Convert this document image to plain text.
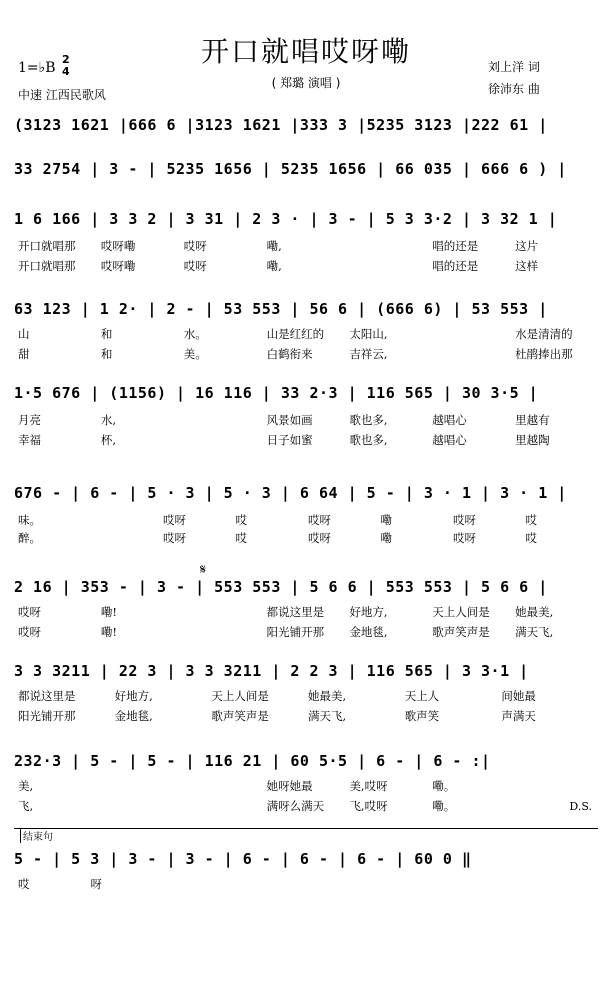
开口就唱哎呀嘞
( 郑璐 演唱 )
1=♭B
2
4
中速 江西民歌风
刘上洋 词
徐沛东 曲
(3123 1621 |666 6 |3123 1621 |333 3 |5235 3123 |222 61 |
33 2754 | 3 - | 5235 1656 | 5235 1656 | 66 035 | 666 6 ) |
1 6 166 | 3 3 2 | 3 31 | 2 3 · | 3 - | 5 3 3·2 | 3 32 1 |
开口就唱那	哎呀嘞	哎呀	嘞,	唱的还是	这片
开口就唱那	哎呀嘞	哎呀	嘞,	唱的还是	这样
63 123 | 1 2· | 2 - | 53 553 | 56 6 | (666 6) | 53 553 |
山	和	水。	山是红红的	太阳山,	水是清清的
甜	和	美。	白鹤衔来	吉祥云,	杜鹃捧出那
1·5 676 | (1156) | 16 116 | 33 2·3 | 116 565 | 30 3·5 |
月亮	水,	风景如画	歌也多,	越唱心	里越有
幸福	杯,	日子如蜜	歌也多,	越唱心	里越陶
676 - | 6 - | 5 · 3 | 5 · 3 | 6 64 | 5 - | 3 · 1 | 3 · 1 |
味。	哎呀	哎	哎呀	嘞	哎呀	哎
醉。	哎呀	哎	哎呀	嘞	哎呀	哎
𝄋
2 16 | 353 - | 3 - | 553 553 | 5 6 6 | 553 553 | 5 6 6 |
哎呀	嘞!	都说这里是	好地方,	天上人间是	她最美,
哎呀	嘞!	阳光铺开那	金地毯,	歌声笑声是	满天飞,
3 3 3211 | 22 3 | 3 3 3211 | 2 2 3 | 116 565 | 3 3·1 |
都说这里是	好地方,	天上人间是	她最美,	天上人	间她最
阳光铺开那	金地毯,	歌声笑声是	满天飞,	歌声笑	声满天
232·3 | 5 - | 5 - | 116 21 | 60 5·5 | 6 - | 6 - :|
美,	她呀她最	美,哎呀	嘞。
飞,	满呀么满天	飞,哎呀	嘞。	D.S.
结束句
5 - | 5 3 | 3 - | 3 - | 6 - | 6 - | 6 - | 60 0 ‖
哎	呀
